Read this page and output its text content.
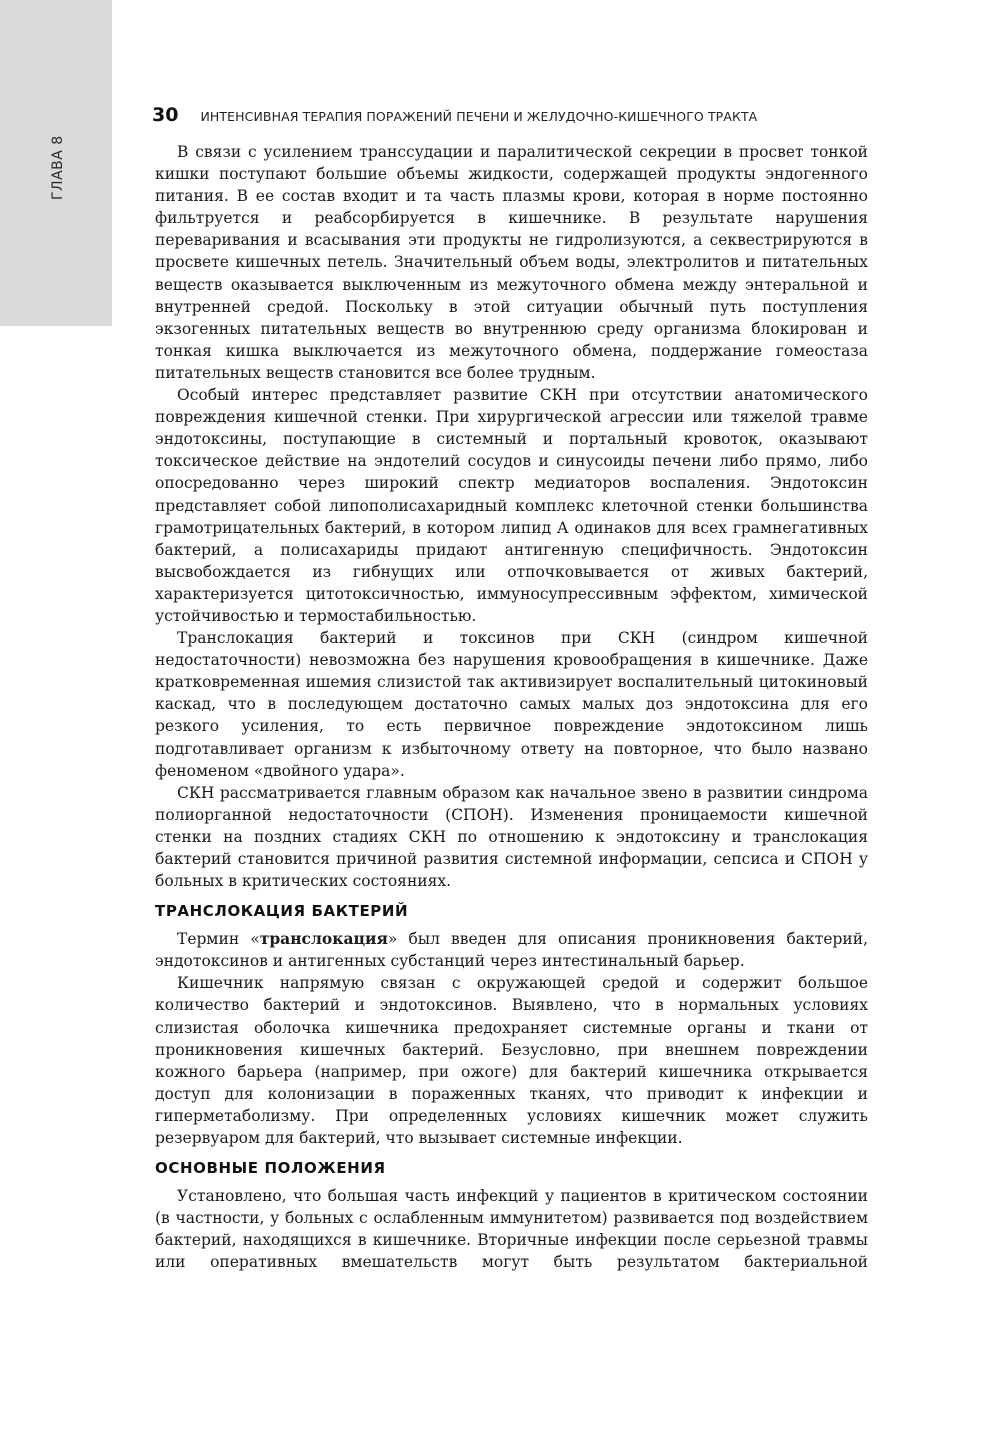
ГЛАВА 8
30 ИНТЕНСИВНАЯ ТЕРАПИЯ ПОРАЖЕНИЙ ПЕЧЕНИ И ЖЕЛУДОЧНО-КИШЕЧНОГО ТРАКТА

В связи с усилением транссудации и паралитической секреции в просвет тонкой кишки поступают большие объемы жидкости, содержащей продукты эндогенного питания. В ее состав входит и та часть плазмы крови, которая в норме постоянно фильтруется и реабсорбируется в кишечнике. В результате нарушения переваривания и всасывания эти продукты не гидролизуются, а секвестрируются в просвете кишечных петель. Значительный объем воды, электролитов и питательных веществ оказывается выключенным из межуточного обмена между энтеральной и внутренней средой. Поскольку в этой ситуации обычный путь поступления экзогенных питательных веществ во внутреннюю среду организма блокирован и тонкая кишка выключается из межуточного обмена, поддержание гомеостаза питательных веществ становится все более трудным.

Особый интерес представляет развитие СКН при отсутствии анатомического повреждения кишечной стенки. При хирургической агрессии или тяжелой травме эндотоксины, поступающие в системный и портальный кровоток, оказывают токсическое действие на эндотелий сосудов и синусоиды печени либо прямо, либо опосредованно через широкий спектр медиаторов воспаления. Эндотоксин представляет собой липополисахаридный комплекс клеточной стенки большинства грамотрицательных бактерий, в котором липид А одинаков для всех грамнегативных бактерий, а полисахариды придают антигенную специфичность. Эндотоксин высвобождается из гибнущих или отпочковывается от живых бактерий, характеризуется цитотоксичностью, иммуносупрессивным эффектом, химической устойчивостью и термостабильностью.

Транслокация бактерий и токсинов при СКН (синдром кишечной недостаточности) невозможна без нарушения кровообращения в кишечнике. Даже кратковременная ишемия слизистой так активизирует воспалительный цитокиновый каскад, что в последующем достаточно самых малых доз эндотоксина для его резкого усиления, то есть первичное повреждение эндотоксином лишь подготавливает организм к избыточному ответу на повторное, что было названо феноменом «двойного удара».

СКН рассматривается главным образом как начальное звено в развитии синдрома полиорганной недостаточности (СПОН). Изменения проницаемости кишечной стенки на поздних стадиях СКН по отношению к эндотоксину и транслокация бактерий становится причиной развития системной информации, сепсиса и СПОН у больных в критических состояниях.

ТРАНСЛОКАЦИЯ БАКТЕРИЙ

Термин «транслокация» был введен для описания проникновения бактерий, эндотоксинов и антигенных субстанций через интестинальный барьер.

Кишечник напрямую связан с окружающей средой и содержит большое количество бактерий и эндотоксинов. Выявлено, что в нормальных условиях слизистая оболочка кишечника предохраняет системные органы и ткани от проникновения кишечных бактерий. Безусловно, при внешнем повреждении кожного барьера (например, при ожоге) для бактерий кишечника открывается доступ для колонизации в пораженных тканях, что приводит к инфекции и гиперметаболизму. При определенных условиях кишечник может служить резервуаром для бактерий, что вызывает системные инфекции.

ОСНОВНЫЕ ПОЛОЖЕНИЯ

Установлено, что большая часть инфекций у пациентов в критическом состоянии (в частности, у больных с ослабленным иммунитетом) развивается под воздействием бактерий, находящихся в кишечнике. Вторичные инфекции после серьезной травмы или оперативных вмешательств могут быть результатом бактериальной
